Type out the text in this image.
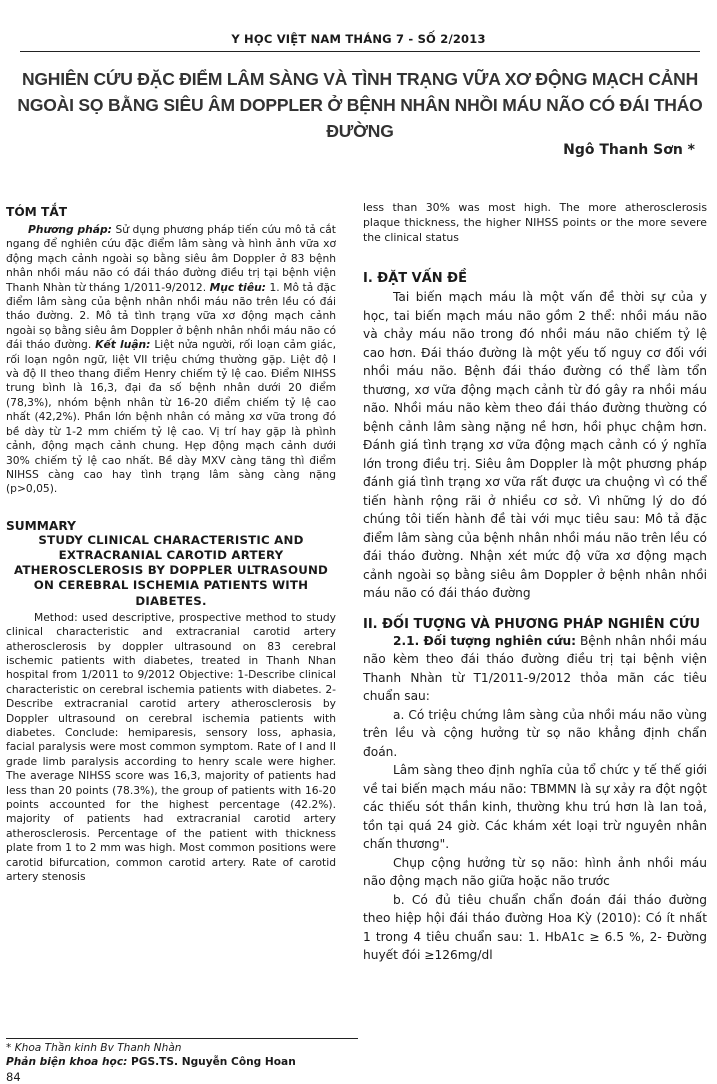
Y HỌC VIỆT NAM THÁNG 7 - SỐ 2/2013
NGHIÊN CỨU ĐẶC ĐIỂM LÂM SÀNG VÀ TÌNH TRẠNG VỮA XƠ ĐỘNG MẠCH CẢNH
NGOÀI SỌ BẰNG SIÊU ÂM DOPPLER Ở BỆNH NHÂN NHỒI MÁU NÃO CÓ ĐÁI THÁO ĐƯỜNG
Ngô Thanh Sơn *

TÓM TẮT

Phương pháp: Sử dụng phương pháp tiến cứu mô tả cắt ngang để nghiên cứu đặc điểm lâm sàng và hình ảnh vữa xơ động mạch cảnh ngoài sọ bằng siêu âm Doppler ở 83 bệnh nhân nhồi máu não có đái tháo đường điều trị tại bệnh viện Thanh Nhàn từ tháng 1/2011-9/2012. Mục tiêu: 1. Mô tả đặc điểm lâm sàng của bệnh nhân nhồi máu não trên lều có đái tháo đường. 2. Mô tả tình trạng vữa xơ động mạch cảnh ngoài sọ bằng siêu âm Doppler ở bệnh nhân nhồi máu não có đái tháo đường. Kết luận: Liệt nửa người, rối loạn cảm giác, rối loạn ngôn ngữ, liệt VII triệu chứng thường gặp. Liệt độ I và độ II theo thang điểm Henry chiếm tỷ lệ cao. Điểm NIHSS trung bình là 16,3, đại đa số bệnh nhân dưới 20 điểm (78,3%), nhóm bệnh nhân từ 16-20 điểm chiếm tỷ lệ cao nhất (42,2%). Phần lớn bệnh nhân có mảng xơ vữa trong đó bề dày từ 1-2 mm chiếm tỷ lệ cao. Vị trí hay gặp là phình cảnh, động mạch cảnh chung. Hẹp động mạch cảnh dưới 30% chiếm tỷ lệ cao nhất. Bề dày MXV càng tăng thì điểm NIHSS càng cao hay tình trạng lâm sàng càng nặng (p>0,05).

SUMMARY

STUDY CLINICAL CHARACTERISTIC AND
EXTRACRANIAL CAROTID ARTERY
ATHEROSCLEROSIS BY DOPPLER ULTRASOUND
ON CEREBRAL ISCHEMIA PATIENTS WITH
DIABETES.

Method: used descriptive, prospective method to study clinical characteristic and extracranial carotid artery atherosclerosis by doppler ultrasound on 83 cerebral ischemic patients with diabetes, treated in Thanh Nhan hospital from 1/2011 to 9/2012 Objective: 1-Describe clinical characteristic on cerebral ischemia patients with diabetes. 2-Describe extracranial carotid artery atherosclerosis by Doppler ultrasound on cerebral ischemia patients with diabetes. Conclude: hemiparesis, sensory loss, aphasia, facial paralysis were most common symptom. Rate of I and II grade limb paralysis according to henry scale were higher. The average NIHSS score was 16,3, majority of patients had less than 20 points (78.3%), the group of patients with 16-20 points accounted for the highest percentage (42.2%). majority of patients had extracranial carotid artery atherosclerosis. Percentage of the patient with thickness plate from 1 to 2 mm was high. Most common positions were carotid bifurcation, common carotid artery. Rate of carotid artery stenosis

less than 30% was most high. The more atherosclerosis plaque thickness, the higher NIHSS points or the more severe the clinical status

I. ĐẶT VẤN ĐỀ

Tai biến mạch máu là một vấn đề thời sự của y học, tai biến mạch máu não gồm 2 thể: nhồi máu não và chảy máu não trong đó nhồi máu não chiếm tỷ lệ cao hơn. Đái tháo đường là một yếu tố nguy cơ đối với nhồi máu não. Bệnh đái tháo đường có thể làm tổn thương, xơ vữa động mạch cảnh từ đó gây ra nhồi máu não. Nhồi máu não kèm theo đái tháo đường thường có bệnh cảnh lâm sàng nặng nề hơn, hồi phục chậm hơn. Đánh giá tình trạng xơ vữa động mạch cảnh có ý nghĩa lớn trong điều trị. Siêu âm Doppler là một phương pháp đánh giá tình trạng xơ vữa rất được ưa chuộng vì có thể tiến hành rộng rãi ở nhiều cơ sở. Vì những lý do đó chúng tôi tiến hành đề tài với mục tiêu sau: Mô tả đặc điểm lâm sàng của bệnh nhân nhồi máu não trên lều có đái tháo đường. Nhận xét mức độ vữa xơ động mạch cảnh ngoài sọ bằng siêu âm Doppler ở bệnh nhân nhồi máu não có đái tháo đường

II. ĐỐI TƯỢNG VÀ PHƯƠNG PHÁP NGHIÊN CỨU

2.1. Đối tượng nghiên cứu: Bệnh nhân nhồi máu não kèm theo đái tháo đường điều trị tại bệnh viện Thanh Nhàn từ T1/2011-9/2012 thỏa mãn các tiêu chuẩn sau:

a. Có triệu chứng lâm sàng của nhồi máu não vùng trên lều và cộng hưởng từ sọ não khẳng định chẩn đoán.

Lâm sàng theo định nghĩa của tổ chức y tế thế giới về tai biến mạch máu não: TBMMN là sự xảy ra đột ngột các thiếu sót thần kinh, thường khu trú hơn là lan toả, tồn tại quá 24 giờ. Các khám xét loại trừ nguyên nhân chấn thương".

Chụp cộng hưởng từ sọ não: hình ảnh nhồi máu não động mạch não giữa hoặc não trước

b. Có đủ tiêu chuẩn chẩn đoán đái tháo đường theo hiệp hội đái tháo đường Hoa Kỳ (2010): Có ít nhất 1 trong 4 tiêu chuẩn sau: 1. HbA1c ≥ 6.5 %, 2- Đường huyết đói ≥126mg/dl

* Khoa Thần kinh Bv Thanh Nhàn
Phản biện khoa học: PGS.TS. Nguyễn Công Hoan
84
